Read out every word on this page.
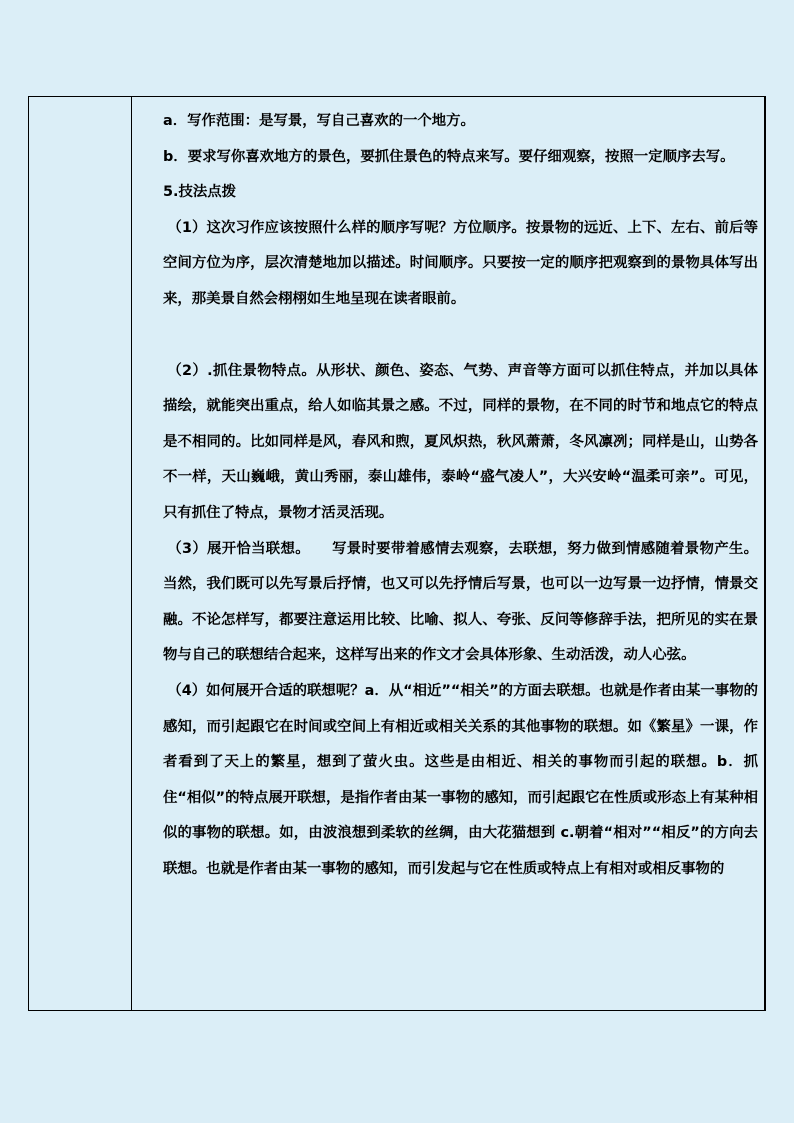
a．写作范围：是写景，写自己喜欢的一个地方。

b．要求写你喜欢地方的景色，要抓住景色的特点来写。要仔细观察，按照一定顺序去写。

5.技法点拨

（1）这次习作应该按照什么样的顺序写呢？方位顺序。按景物的远近、上下、左右、前后等空间方位为序，层次清楚地加以描述。时间顺序。只要按一定的顺序把观察到的景物具体写出来，那美景自然会栩栩如生地呈现在读者眼前。

（2）.抓住景物特点。从形状、颜色、姿态、气势、声音等方面可以抓住特点，并加以具体描绘，就能突出重点，给人如临其景之感。不过，同样的景物，在不同的时节和地点它的特点是不相同的。比如同样是风，春风和煦，夏风炽热，秋风萧萧，冬风凛冽；同样是山，山势各不一样，天山巍峨，黄山秀丽，泰山雄伟，泰岭“盛气凌人”，大兴安岭“温柔可亲”。可见，只有抓住了特点，景物才活灵活现。

（3）展开恰当联想。　　写景时要带着感情去观察，去联想，努力做到情感随着景物产生。当然，我们既可以先写景后抒情，也又可以先抒情后写景，也可以一边写景一边抒情，情景交融。不论怎样写，都要注意运用比较、比喻、拟人、夸张、反问等修辞手法，把所见的实在景物与自己的联想结合起来，这样写出来的作文才会具体形象、生动活泼，动人心弦。

（4）如何展开合适的联想呢？a．从“相近”“相关”的方面去联想。也就是作者由某一事物的感知，而引起跟它在时间或空间上有相近或相关关系的其他事物的联想。如《繁星》一课，作者看到了天上的繁星，想到了萤火虫。这些是由相近、相关的事物而引起的联想。b．抓住“相似”的特点展开联想，是指作者由某一事物的感知，而引起跟它在性质或形态上有某种相似的事物的联想。如，由波浪想到柔软的丝绸，由大花猫想到 c.朝着“相对”“相反”的方向去联想。也就是作者由某一事物的感知，而引发起与它在性质或特点上有相对或相反事物的
